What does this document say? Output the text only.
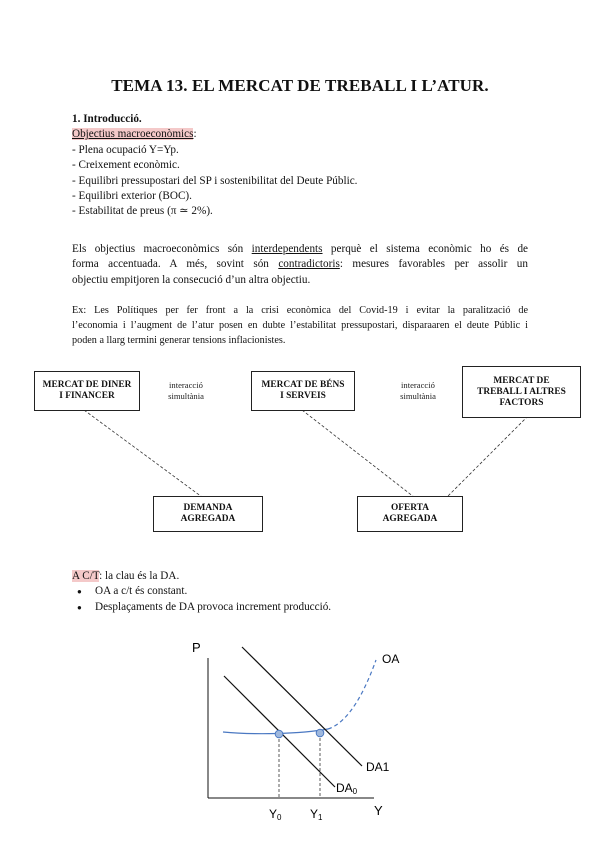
TEMA 13. EL MERCAT DE TREBALL I L’ATUR.
1. Introducció.
Objectius macroeconòmics:
- Plena ocupació Y=Yp.
- Creixement econòmic.
- Equilibri pressupostari del SP i sostenibilitat del Deute Públic.
- Equilibri exterior (BOC).
- Estabilitat de preus (π ≃ 2%).
Els objectius macroeconòmics són interdependents perquè el sistema econòmic ho és de
forma accentuada. A més, sovint són contradictoris: mesures favorables per assolir un
objectiu empitjoren la consecució d’un altra objectiu.
Ex: Les Polítiques per fer front a la crisi econòmica del Covid-19 i evitar la paralització de
l’economia i l’augment de l’atur posen en dubte l’estabilitat pressupostari, disparaaren el deute Públic i
poden a llarg termini generar tensions inflacionistes.
MERCAT DE DINER
I FINANCER
interacció
simultània
MERCAT DE BÉNS
I SERVEIS
interacció
simultània
MERCAT DE
TREBALL I ALTRES
FACTORS
DEMANDA
AGREGADA
OFERTA
AGREGADA
A C/T: la clau és la DA.
● OA a c/t és constant.
● Desplaçaments de DA provoca increment producció.
P
Y
OA
DA1
DA0
Y0 Y1
